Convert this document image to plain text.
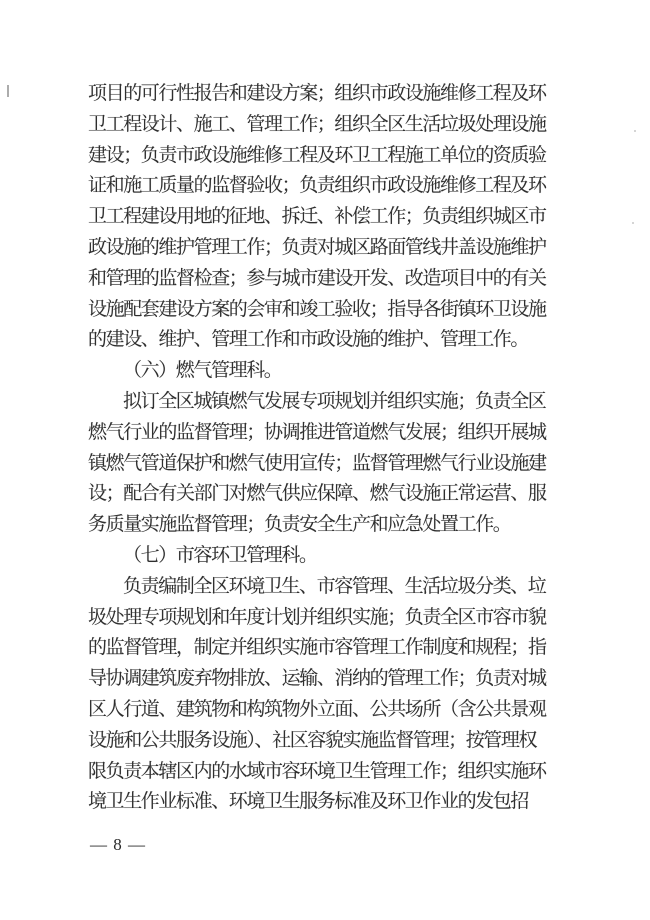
项目的可行性报告和建设方案；组织市政设施维修工程及环
卫工程设计、施工、管理工作；组织全区生活垃圾处理设施
建设；负责市政设施维修工程及环卫工程施工单位的资质验
证和施工质量的监督验收；负责组织市政设施维修工程及环
卫工程建设用地的征地、拆迁、补偿工作；负责组织城区市
政设施的维护管理工作；负责对城区路面管线井盖设施维护
和管理的监督检查；参与城市建设开发、改造项目中的有关
设施配套建设方案的会审和竣工验收；指导各街镇环卫设施
的建设、维护、管理工作和市政设施的维护、管理工作。
（六）燃气管理科。
拟订全区城镇燃气发展专项规划并组织实施；负责全区
燃气行业的监督管理；协调推进管道燃气发展；组织开展城
镇燃气管道保护和燃气使用宣传；监督管理燃气行业设施建
设；配合有关部门对燃气供应保障、燃气设施正常运营、服
务质量实施监督管理；负责安全生产和应急处置工作。
（七）市容环卫管理科。
负责编制全区环境卫生、市容管理、生活垃圾分类、垃
圾处理专项规划和年度计划并组织实施；负责全区市容市貌
的监督管理，制定并组织实施市容管理工作制度和规程；指
导协调建筑废弃物排放、运输、消纳的管理工作；负责对城
区人行道、建筑物和构筑物外立面、公共场所（含公共景观
设施和公共服务设施）、社区容貌实施监督管理；按管理权
限负责本辖区内的水域市容环境卫生管理工作；组织实施环
境卫生作业标准、环境卫生服务标准及环卫作业的发包招
— 8 —
